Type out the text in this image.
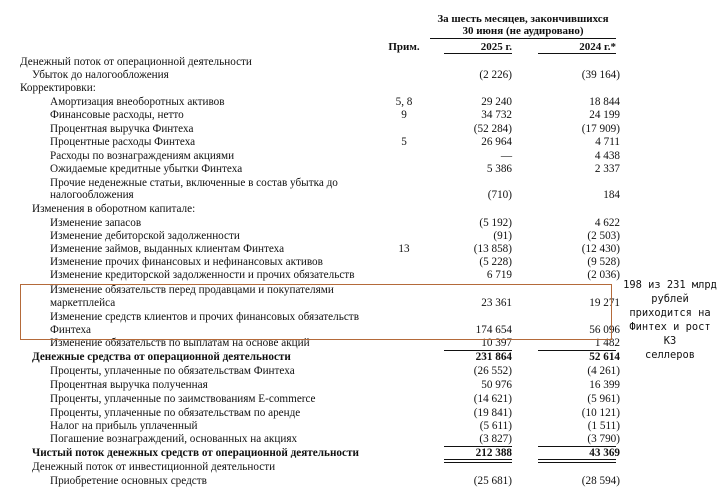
За шесть месяцев, закончившихся
30 июня (не аудировано)
Прим.	2025 г.	2024 г.*
Денежный поток от операционной деятельности
Убыток до налогообложения	(2 226)	(39 164)
Корректировки:
Амортизация внеоборотных активов	5, 8	29 240	18 844
Финансовые расходы, нетто	9	34 732	24 199
Процентная выручка Финтеха	(52 284)	(17 909)
Процентные расходы Финтеха	5	26 964	4 711
Расходы по вознаграждениям акциями	—	4 438
Ожидаемые кредитные убытки Финтеха	5 386	2 337
Прочие неденежные статьи, включенные в состав убытка до
налогообложения	(710)	184
Изменения в оборотном капитале:
Изменение запасов	(5 192)	4 622
Изменение дебиторской задолженности	(91)	(2 503)
Изменение займов, выданных клиентам Финтеха	13	(13 858)	(12 430)
Изменение прочих финансовых и нефинансовых активов	(5 228)	(9 528)
Изменение кредиторской задолженности и прочих обязательств	6 719	(2 036)
Изменение обязательств перед продавцами и покупателями
маркетплейса	23 361	19 271
Изменение средств клиентов и прочих финансовых обязательств
Финтеха	174 654	56 096
Изменение обязательств по выплатам на основе акций	10 397	1 482
Денежные средства от операционной деятельности	231 864	52 614
Проценты, уплаченные по обязательствам Финтеха	(26 552)	(4 261)
Процентная выручка полученная	50 976	16 399
Проценты, уплаченные по заимствованиям E-commerce	(14 621)	(5 961)
Проценты, уплаченные по обязательствам по аренде	(19 841)	(10 121)
Налог на прибыль уплаченный	(5 611)	(1 511)
Погашение вознаграждений, основанных на акциях	(3 827)	(3 790)
Чистый поток денежных средств от операционной деятельности	212 388	43 369
Денежный поток от инвестиционной деятельности
Приобретение основных средств	(25 681)	(28 594)
198 из 231 млрд
рублей
приходится на
Финтех и рост КЗ
селлеров
